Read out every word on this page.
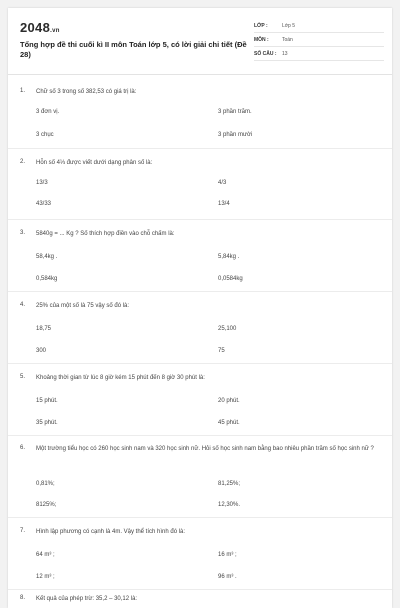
2048.vn
Tổng hợp đề thi cuối kì II môn Toán lớp 5, có lời giải chi tiết (Đề 28)
LỚP :	Lớp 5
MÔN :	Toán
SỐ CÂU : 13
1. Chữ số 3 trong số 382,53 có giá trị là:
3 đơn vị.	3 phần trăm.
3 chục	3 phần mười
2. Hỗn số 4⅓ được viết dưới dạng phân số là:
13/3	4/3
43/33	13/4
3. 5840g = ... Kg ? Số thích hợp điền vào chỗ chấm là:
58,4kg .	5,84kg .
0,584kg	0,0584kg
4. 25% của một số là 75 vậy số đó là:
18,75	25,100
300	75
5. Khoảng thời gian từ lúc 8 giờ kém 15 phút đến 8 giờ 30 phút là:
15 phút.	20 phút.
35 phút.	45 phút.
6. Một trường tiểu học có 260 học sinh nam và 320 học sinh nữ. Hỏi số học sinh nam bằng bao nhiêu phần trăm số học sinh nữ ?
0,81%;	81,25%;
8125%;	12,30%.
7. Hình lập phương có cạnh là 4m. Vậy thể tích hình đó là:
64 m³ ;	16 m³ ;
12 m³ ;	96 m³ .
8. Kết quả của phép trừ: 35,2 – 30,12 là:
